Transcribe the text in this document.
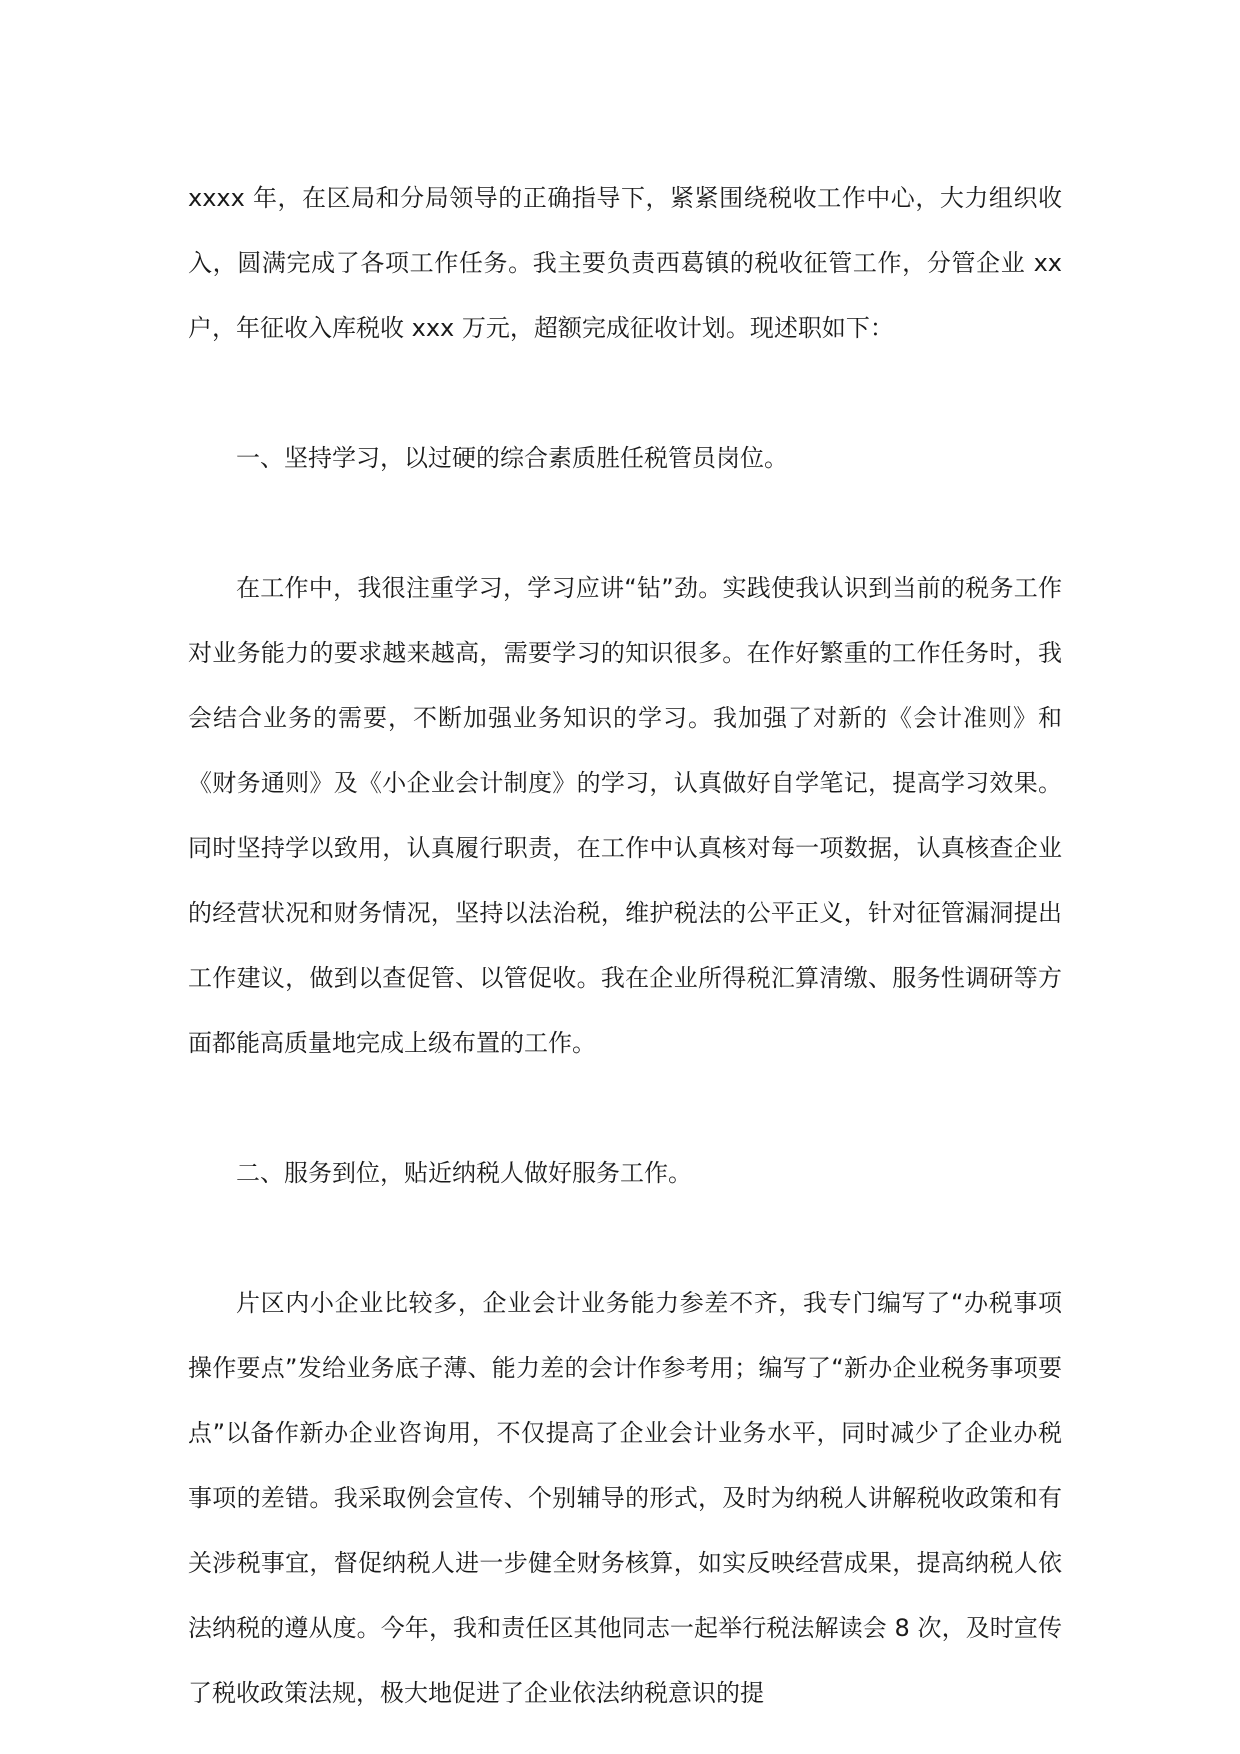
xxxx 年，在区局和分局领导的正确指导下，紧紧围绕税收工作中心，大力组织收入，圆满完成了各项工作任务。我主要负责西葛镇的税收征管工作，分管企业 xx 户，年征收入库税收 xxx 万元，超额完成征收计划。现述职如下：

一、坚持学习，以过硬的综合素质胜任税管员岗位。

在工作中，我很注重学习，学习应讲“钻”劲。实践使我认识到当前的税务工作对业务能力的要求越来越高，需要学习的知识很多。在作好繁重的工作任务时，我会结合业务的需要，不断加强业务知识的学习。我加强了对新的《会计准则》和《财务通则》及《小企业会计制度》的学习，认真做好自学笔记，提高学习效果。同时坚持学以致用，认真履行职责，在工作中认真核对每一项数据，认真核查企业的经营状况和财务情况，坚持以法治税，维护税法的公平正义，针对征管漏洞提出工作建议，做到以查促管、以管促收。我在企业所得税汇算清缴、服务性调研等方面都能高质量地完成上级布置的工作。

二、服务到位，贴近纳税人做好服务工作。

片区内小企业比较多，企业会计业务能力参差不齐，我专门编写了“办税事项操作要点”发给业务底子薄、能力差的会计作参考用；编写了“新办企业税务事项要点”以备作新办企业咨询用，不仅提高了企业会计业务水平，同时减少了企业办税事项的差错。我采取例会宣传、个别辅导的形式，及时为纳税人讲解税收政策和有关涉税事宜，督促纳税人进一步健全财务核算，如实反映经营成果，提高纳税人依法纳税的遵从度。今年，我和责任区其他同志一起举行税法解读会 8 次，及时宣传了税收政策法规，极大地促进了企业依法纳税意识的提
